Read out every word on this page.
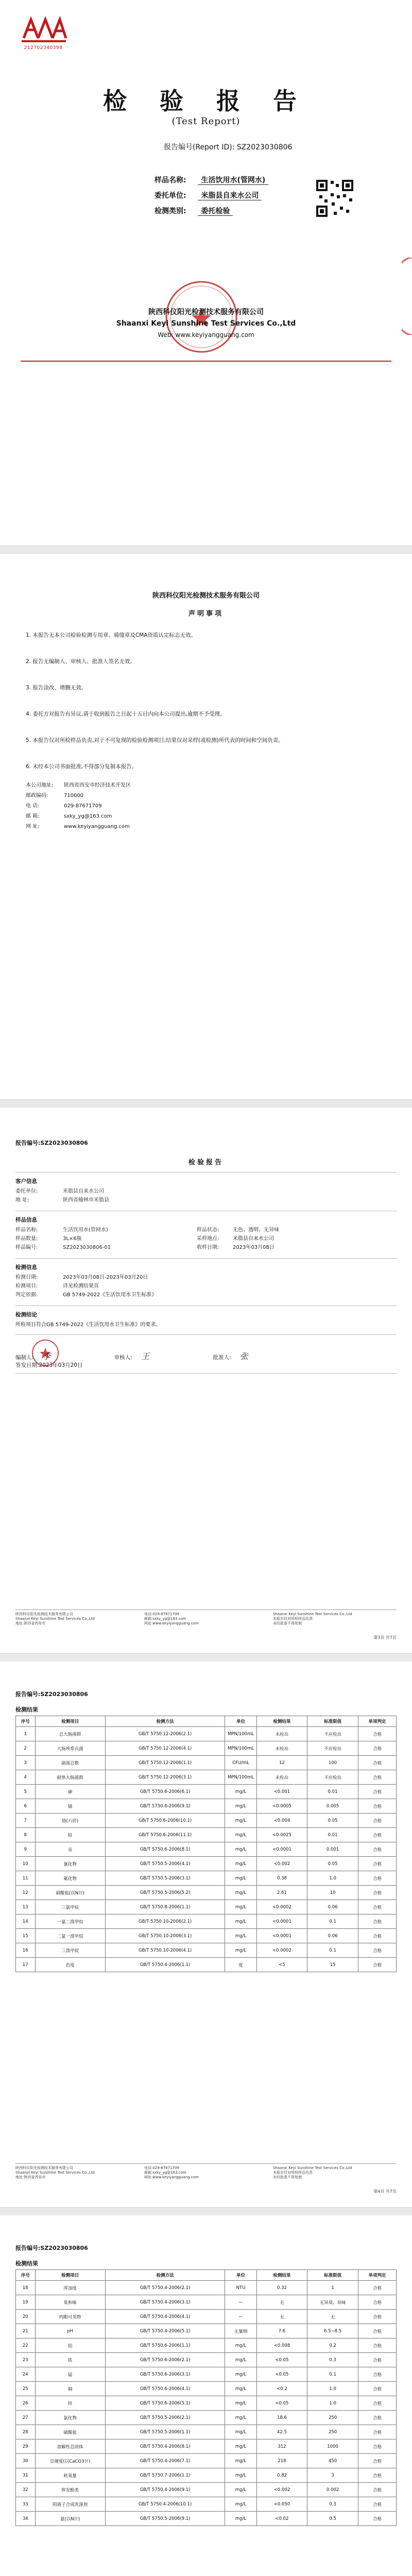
212702340398
检 验 报 告
(Test Report)
报告编号(Report ID): SZ2023030806
样品名称: 生活饮用水(管网水)
委托单位: 米脂县自来水公司
检测类别: 委托检验
陕西科仪阳光检测技术服务有限公司
Shaanxi Keyi Sunshine Test Services Co.,Ltd
Web: www.keyiyangguang.com
陕西科仪阳光检测技术服务有限公司
声明事项

1. 本报告无本公司检验检测专用章、骑缝章及CMA资质认定标志无效。

2. 报告无编制人、审核人、批准人签名无效。

3. 报告涂改、增删无效。

4. 委托方对报告有异议,请于收到报告之日起十五日内向本公司提出,逾期不予受理。

5. 本报告仅对所检样品负责,对于不可复现的检验检测项目,结果仅对采样(或检测)所代表的时间和空间负责。

6. 未经本公司书面批准,不得部分复制本报告。

本公司地址: 陕西省西安市经济技术开发区
邮政编码:	710000
电 话:	029-87671709
邮 箱:	sxky_yg@163.com
网 址:	www.keyiyangguang.com
报告编号:SZ2023030806
检验报告
客户信息
委托单位:	米脂县自来水公司
地 址:	陕西省榆林市米脂县
样品信息
样品名称:	生活饮用水(管网水)	样品状态:	无色、透明、无异味
样品数量:	3L×6瓶	采样地点:	米脂县自来水公司
样品编号:	SZ2023030806-01	收样日期:	2023年03月08日
检测信息
检测日期:	2023年03月08日-2023年03月20日
检测项目:	详见检测结果页
判定依据:	GB 5749-2022《生活饮用水卫生标准》
检测结论
所检项目符合GB 5749-2022《生活饮用水卫生标准》的要求。
编制人: 李	审核人: 王	批准人: 张
签发日期:2023年03月20日
陕西科仪阳光检测技术服务有限公司
Shaanxi Keyi Sunshine Test Services Co.,Ltd
地址:陕西省西安市
电话:029-87671709
邮箱:sxky_yg@163.com
网址:www.keyiyangguang.com
Shaanxi Keyi Sunshine Test Services Co.,Ltd
本报告仅对所检样品负责
未经批准不得复制
第3页 共7页
报告编号:SZ2023030806
检测结果
序号	检测项目	检测方法	单位	检测结果	标准限值	单项判定
1	总大肠菌群	GB/T 5750.12-2006(2.1)	MPN/100mL	未检出	不应检出	合格
2	大肠埃希氏菌	GB/T 5750.12-2006(4.1)	MPN/100mL	未检出	不应检出	合格
3	菌落总数	GB/T 5750.12-2006(1.1)	CFU/mL	12	100	合格
4	耐热大肠菌群	GB/T 5750.12-2006(3.1)	MPN/100mL	未检出	不应检出	合格
5	砷	GB/T 5750.6-2006(6.1)	mg/L	<0.001	0.01	合格
6	镉	GB/T 5750.6-2006(9.1)	mg/L	<0.0005	0.005	合格
7	铬(六价)	GB/T 5750.6-2006(10.1)	mg/L	<0.004	0.05	合格
8	铅	GB/T 5750.6-2006(11.1)	mg/L	<0.0025	0.01	合格
9	汞	GB/T 5750.6-2006(8.1)	mg/L	<0.0001	0.001	合格
10	氰化物	GB/T 5750.5-2006(4.1)	mg/L	<0.002	0.05	合格
11	氟化物	GB/T 5750.5-2006(3.1)	mg/L	0.38	1.0	合格
12	硝酸盐(以N计)	GB/T 5750.5-2006(5.2)	mg/L	2.61	10	合格
13	三氯甲烷	GB/T 5750.8-2006(1.1)	mg/L	<0.0002	0.06	合格
14	一氯二溴甲烷	GB/T 5750.10-2006(2.1)	mg/L	<0.0001	0.1	合格
15	二氯一溴甲烷	GB/T 5750.10-2006(3.1)	mg/L	<0.0001	0.06	合格
16	三溴甲烷	GB/T 5750.10-2006(4.1)	mg/L	<0.0002	0.1	合格
17	色度	GB/T 5750.4-2006(1.1)	度	<5	15	合格
陕西科仪阳光检测技术服务有限公司
Shaanxi Keyi Sunshine Test Services Co.,Ltd
地址:陕西省西安市
电话:029-87671709
邮箱:sxky_yg@163.com
网址:www.keyiyangguang.com
Shaanxi Keyi Sunshine Test Services Co.,Ltd
本报告仅对所检样品负责
未经批准不得复制
第4页 共7页
报告编号:SZ2023030806
检测结果
序号	检测项目	检测方法	单位	检测结果	标准限值	单项判定
18	浑浊度	GB/T 5750.4-2006(2.1)	NTU	0.32	1	合格
19	臭和味	GB/T 5750.4-2006(3.1)	—	无	无异臭、异味	合格
20	肉眼可见物	GB/T 5750.4-2006(4.1)	—	无	无	合格
21	pH	GB/T 5750.4-2006(5.1)	无量纲	7.6	6.5~8.5	合格
22	铝	GB/T 5750.6-2006(1.1)	mg/L	<0.008	0.2	合格
23	铁	GB/T 5750.6-2006(2.1)	mg/L	<0.05	0.3	合格
24	锰	GB/T 5750.6-2006(3.1)	mg/L	<0.05	0.1	合格
25	铜	GB/T 5750.6-2006(4.1)	mg/L	<0.2	1.0	合格
26	锌	GB/T 5750.6-2006(5.1)	mg/L	<0.05	1.0	合格
27	氯化物	GB/T 5750.5-2006(2.1)	mg/L	18.6	250	合格
28	硫酸盐	GB/T 5750.5-2006(1.1)	mg/L	42.5	250	合格
29	溶解性总固体	GB/T 5750.4-2006(8.1)	mg/L	312	1000	合格
30	总硬度(以CaCO3计)	GB/T 5750.4-2006(7.1)	mg/L	218	450	合格
31	耗氧量	GB/T 5750.7-2006(1.1)	mg/L	0.82	3	合格
32	挥发酚类	GB/T 5750.4-2006(9.1)	mg/L	<0.002	0.002	合格
33	阴离子合成洗涤剂	GB/T 5750.4-2006(10.1)	mg/L	<0.050	0.3	合格
34	氨(以N计)	GB/T 5750.5-2006(9.1)	mg/L	<0.02	0.5	合格
